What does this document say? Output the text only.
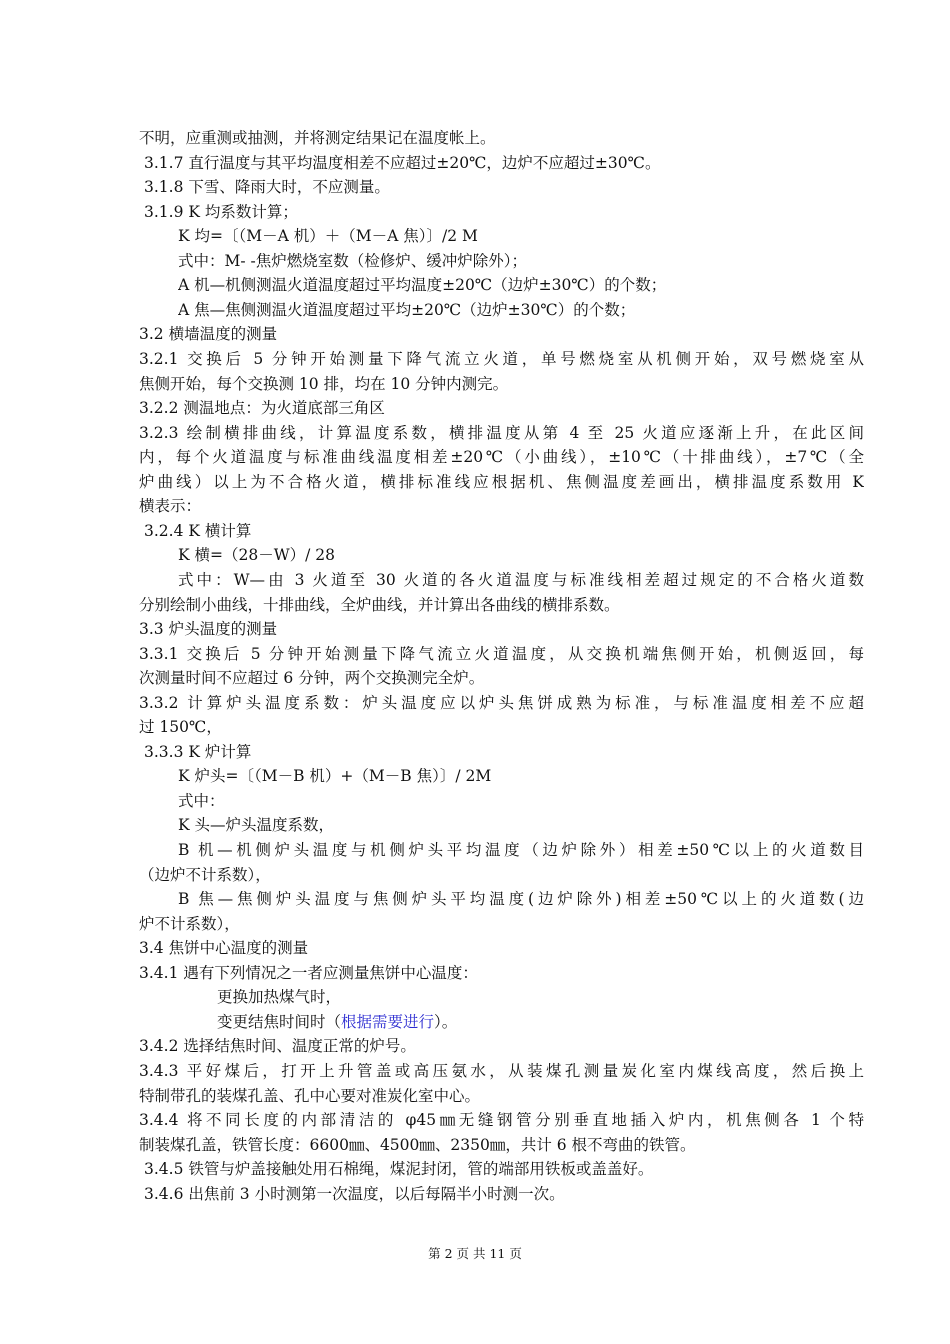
不明，应重测或抽测，并将测定结果记在温度帐上。
3.1.7 直行温度与其平均温度相差不应超过±20℃，边炉不应超过±30℃。
3.1.8 下雪、降雨大时，不应测量。
3.1.9 K 均系数计算；
K 均=〔（M－A 机）＋（M－A 焦）〕/2 M
式中：M- -焦炉燃烧室数（检修炉、缓冲炉除外）；
A 机—机侧测温火道温度超过平均温度±20℃（边炉±30℃）的个数；
A 焦—焦侧测温火道温度超过平均±20℃（边炉±30℃）的个数；
3.2 横墙温度的测量
3.2.1 交换后 5 分钟开始测量下降气流立火道，单号燃烧室从机侧开始，双号燃烧室从
焦侧开始，每个交换测 10 排，均在 10 分钟内测完。
3.2.2 测温地点：为火道底部三角区
3.2.3 绘制横排曲线，计算温度系数，横排温度从第 4 至 25 火道应逐渐上升，在此区间
内，每个火道温度与标准曲线温度相差±20℃（小曲线），±10℃（十排曲线），±7℃（全
炉曲线）以上为不合格火道，横排标准线应根据机、焦侧温度差画出，横排温度系数用 K
横表示：
3.2.4 K 横计算
K 横=（28－W）/ 28
式中：W—由 3 火道至 30 火道的各火道温度与标准线相差超过规定的不合格火道数
分别绘制小曲线，十排曲线，全炉曲线，并计算出各曲线的横排系数。
3.3 炉头温度的测量
3.3.1 交换后 5 分钟开始测量下降气流立火道温度，从交换机端焦侧开始，机侧返回，每
次测量时间不应超过 6 分钟，两个交换测完全炉。
3.3.2 计算炉头温度系数：炉头温度应以炉头焦饼成熟为标准，与标准温度相差不应超
过 150℃，
3.3.3 K 炉计算
K 炉头=〔（M－B 机）+（M－B 焦）〕/ 2M
式中：
K 头—炉头温度系数，
B 机—机侧炉头温度与机侧炉头平均温度（边炉除外）相差±50℃以上的火道数目
（边炉不计系数），
B 焦—焦侧炉头温度与焦侧炉头平均温度(边炉除外)相差±50℃以上的火道数(边
炉不计系数），
3.4 焦饼中心温度的测量
3.4.1 遇有下列情况之一者应测量焦饼中心温度：
更换加热煤气时，
变更结焦时间时（根据需要进行）。
3.4.2 选择结焦时间、温度正常的炉号。
3.4.3 平好煤后，打开上升管盖或高压氨水，从装煤孔测量炭化室内煤线高度，然后换上
特制带孔的装煤孔盖、孔中心要对准炭化室中心。
3.4.4 将不同长度的内部清洁的 φ45㎜无缝钢管分别垂直地插入炉内，机焦侧各 1 个特
制装煤孔盖，铁管长度：6600㎜、4500㎜、2350㎜，共计 6 根不弯曲的铁管。
3.4.5 铁管与炉盖接触处用石棉绳，煤泥封闭，管的端部用铁板或盖盖好。
3.4.6 出焦前 3 小时测第一次温度，以后每隔半小时测一次。
第 2 页 共 11 页
